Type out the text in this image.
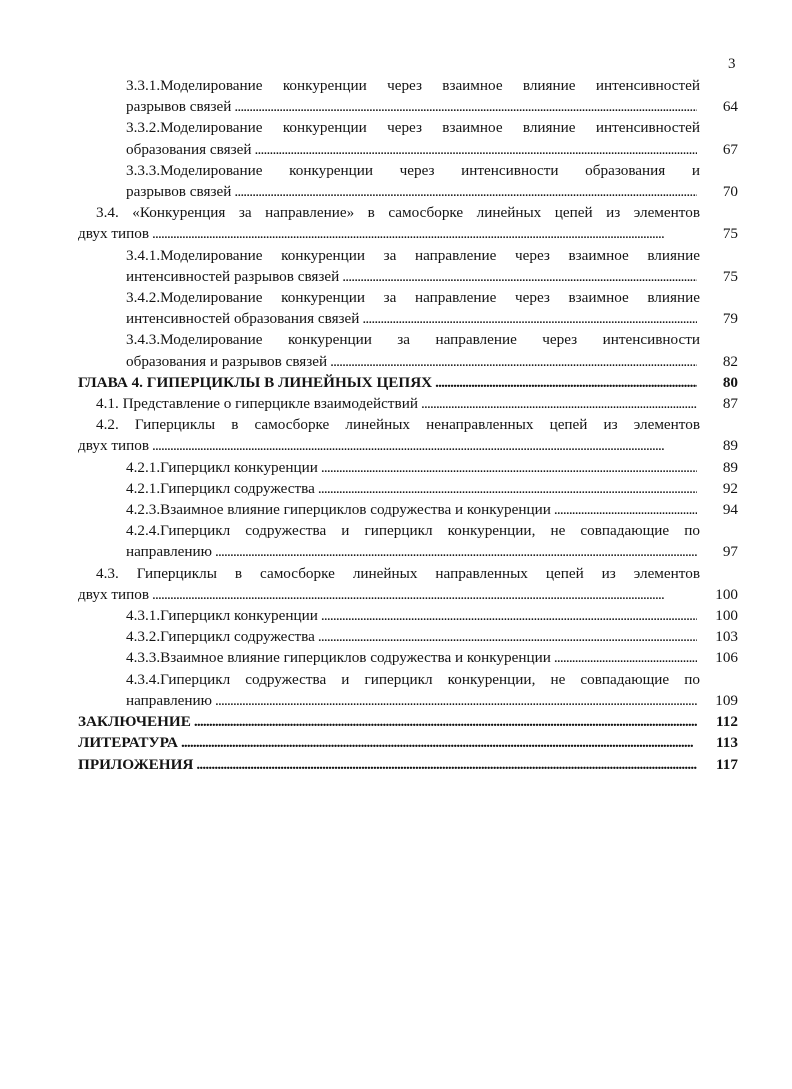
3
3.3.1.Моделирование конкуренции через взаимное влияние интенсивностей
разрывов связей . . .	64
3.3.2.Моделирование конкуренции через взаимное влияние интенсивностей
образования связей . . .	67
3.3.3.Моделирование конкуренции через интенсивности образования и
разрывов связей . . .	70
3.4. «Конкуренция за направление» в самосборке линейных цепей из элементов
двух типов . . .	75
3.4.1.Моделирование конкуренции за направление через взаимное влияние
интенсивностей разрывов связей . . .	75
3.4.2.Моделирование конкуренции за направление через взаимное влияние
интенсивностей образования связей . . .	79
3.4.3.Моделирование конкуренции за направление через интенсивности
образования и разрывов связей . . .	82
ГЛАВА 4. ГИПЕРЦИКЛЫ В ЛИНЕЙНЫХ ЦЕПЯХ . . .	80
4.1. Представление о гиперцикле взаимодействий . . .	87
4.2. Гиперциклы в самосборке линейных ненаправленных цепей из элементов
двух типов . . .	89
4.2.1.Гиперцикл конкуренции . . .	89
4.2.1.Гиперцикл содружества . . .	92
4.2.3.Взаимное влияние гиперциклов содружества и конкуренции . . .	94
4.2.4.Гиперцикл содружества и гиперцикл конкуренции, не совпадающие по
направлению . . .	97
4.3. Гиперциклы в самосборке линейных направленных цепей из элементов
двух типов . . .	100
4.3.1.Гиперцикл конкуренции . . .	100
4.3.2.Гиперцикл содружества . . .	103
4.3.3.Взаимное влияние гиперциклов содружества и конкуренции . . .	106
4.3.4.Гиперцикл содружества и гиперцикл конкуренции, не совпадающие по
направлению . . .	109
ЗАКЛЮЧЕНИЕ . . .	112
ЛИТЕРАТУРА . . .	113
ПРИЛОЖЕНИЯ . . .	117
